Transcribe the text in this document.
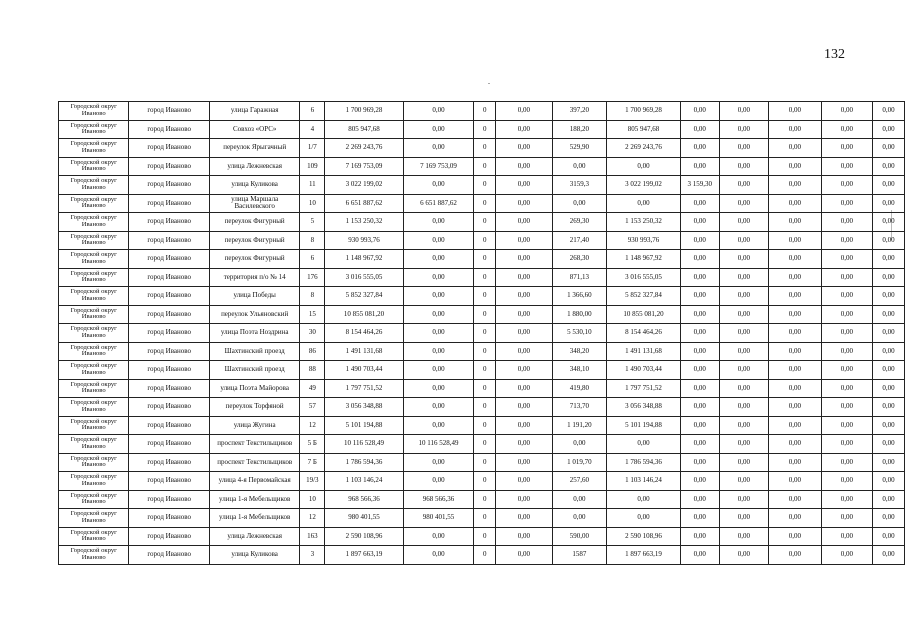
132
Городской округ Иваново	город Иваново	улица Гаражная	6	1 700 969,28	0,00	0	0,00	397,20	1 700 969,28	0,00	0,00	0,00	0,00	0,00
Городской округ Иваново	город Иваново	Совхоз «ОРС»	4	805 947,68	0,00	0	0,00	188,20	805 947,68	0,00	0,00	0,00	0,00	0,00
Городской округ Иваново	город Иваново	переулок Ярыгачный	1/7	2 269 243,76	0,00	0	0,00	529,90	2 269 243,76	0,00	0,00	0,00	0,00	0,00
Городской округ Иваново	город Иваново	улица Лежневская	109	7 169 753,09	7 169 753,09	0	0,00	0,00	0,00	0,00	0,00	0,00	0,00	0,00
Городской округ Иваново	город Иваново	улица Куликова	11	3 022 199,02	0,00	0	0,00	3159,3	3 022 199,02	3 159,30	0,00	0,00	0,00	0,00
Городской округ Иваново	город Иваново	улица Маршала Василевского	10	6 651 887,62	6 651 887,62	0	0,00	0,00	0,00	0,00	0,00	0,00	0,00	0,00
Городской округ Иваново	город Иваново	переулок Фигурный	5	1 153 250,32	0,00	0	0,00	269,30	1 153 250,32	0,00	0,00	0,00	0,00	0,00
Городской округ Иваново	город Иваново	переулок Фигурный	8	930 993,76	0,00	0	0,00	217,40	930 993,76	0,00	0,00	0,00	0,00	0,00
Городской округ Иваново	город Иваново	переулок Фигурный	6	1 148 967,92	0,00	0	0,00	268,30	1 148 967,92	0,00	0,00	0,00	0,00	0,00
Городской округ Иваново	город Иваново	территория п/о № 14	176	3 016 555,05	0,00	0	0,00	871,13	3 016 555,05	0,00	0,00	0,00	0,00	0,00
Городской округ Иваново	город Иваново	улица Победы	8	5 852 327,84	0,00	0	0,00	1 366,60	5 852 327,84	0,00	0,00	0,00	0,00	0,00
Городской округ Иваново	город Иваново	переулок Ульяновский	15	10 855 081,20	0,00	0	0,00	1 880,00	10 855 081,20	0,00	0,00	0,00	0,00	0,00
Городской округ Иваново	город Иваново	улица Поэта Ноздрина	30	8 154 464,26	0,00	0	0,00	5 530,10	8 154 464,26	0,00	0,00	0,00	0,00	0,00
Городской округ Иваново	город Иваново	Шахтинский проезд	86	1 491 131,68	0,00	0	0,00	348,20	1 491 131,68	0,00	0,00	0,00	0,00	0,00
Городской округ Иваново	город Иваново	Шахтинский проезд	88	1 490 703,44	0,00	0	0,00	348,10	1 490 703,44	0,00	0,00	0,00	0,00	0,00
Городской округ Иваново	город Иваново	улица Поэта Майорова	49	1 797 751,52	0,00	0	0,00	419,80	1 797 751,52	0,00	0,00	0,00	0,00	0,00
Городской округ Иваново	город Иваново	переулок Торфяной	57	3 056 348,88	0,00	0	0,00	713,70	3 056 348,88	0,00	0,00	0,00	0,00	0,00
Городской округ Иваново	город Иваново	улица Жугина	12	5 101 194,88	0,00	0	0,00	1 191,20	5 101 194,88	0,00	0,00	0,00	0,00	0,00
Городской округ Иваново	город Иваново	проспект Текстильщиков	5 Б	10 116 528,49	10 116 528,49	0	0,00	0,00	0,00	0,00	0,00	0,00	0,00	0,00
Городской округ Иваново	город Иваново	проспект Текстильщиков	7 Б	1 786 594,36	0,00	0	0,00	1 019,70	1 786 594,36	0,00	0,00	0,00	0,00	0,00
Городской округ Иваново	город Иваново	улица 4-я Первомайская	19/3	1 103 146,24	0,00	0	0,00	257,60	1 103 146,24	0,00	0,00	0,00	0,00	0,00
Городской округ Иваново	город Иваново	улица 1-я Мебельщиков	10	968 566,36	968 566,36	0	0,00	0,00	0,00	0,00	0,00	0,00	0,00	0,00
Городской округ Иваново	город Иваново	улица 1-я Мебельщиков	12	980 401,55	980 401,55	0	0,00	0,00	0,00	0,00	0,00	0,00	0,00	0,00
Городской округ Иваново	город Иваново	улица Лежневская	163	2 590 108,96	0,00	0	0,00	590,00	2 590 108,96	0,00	0,00	0,00	0,00	0,00
Городской округ Иваново	город Иваново	улица Куликова	3	1 897 663,19	0,00	0	0,00	1587	1 897 663,19	0,00	0,00	0,00	0,00	0,00
